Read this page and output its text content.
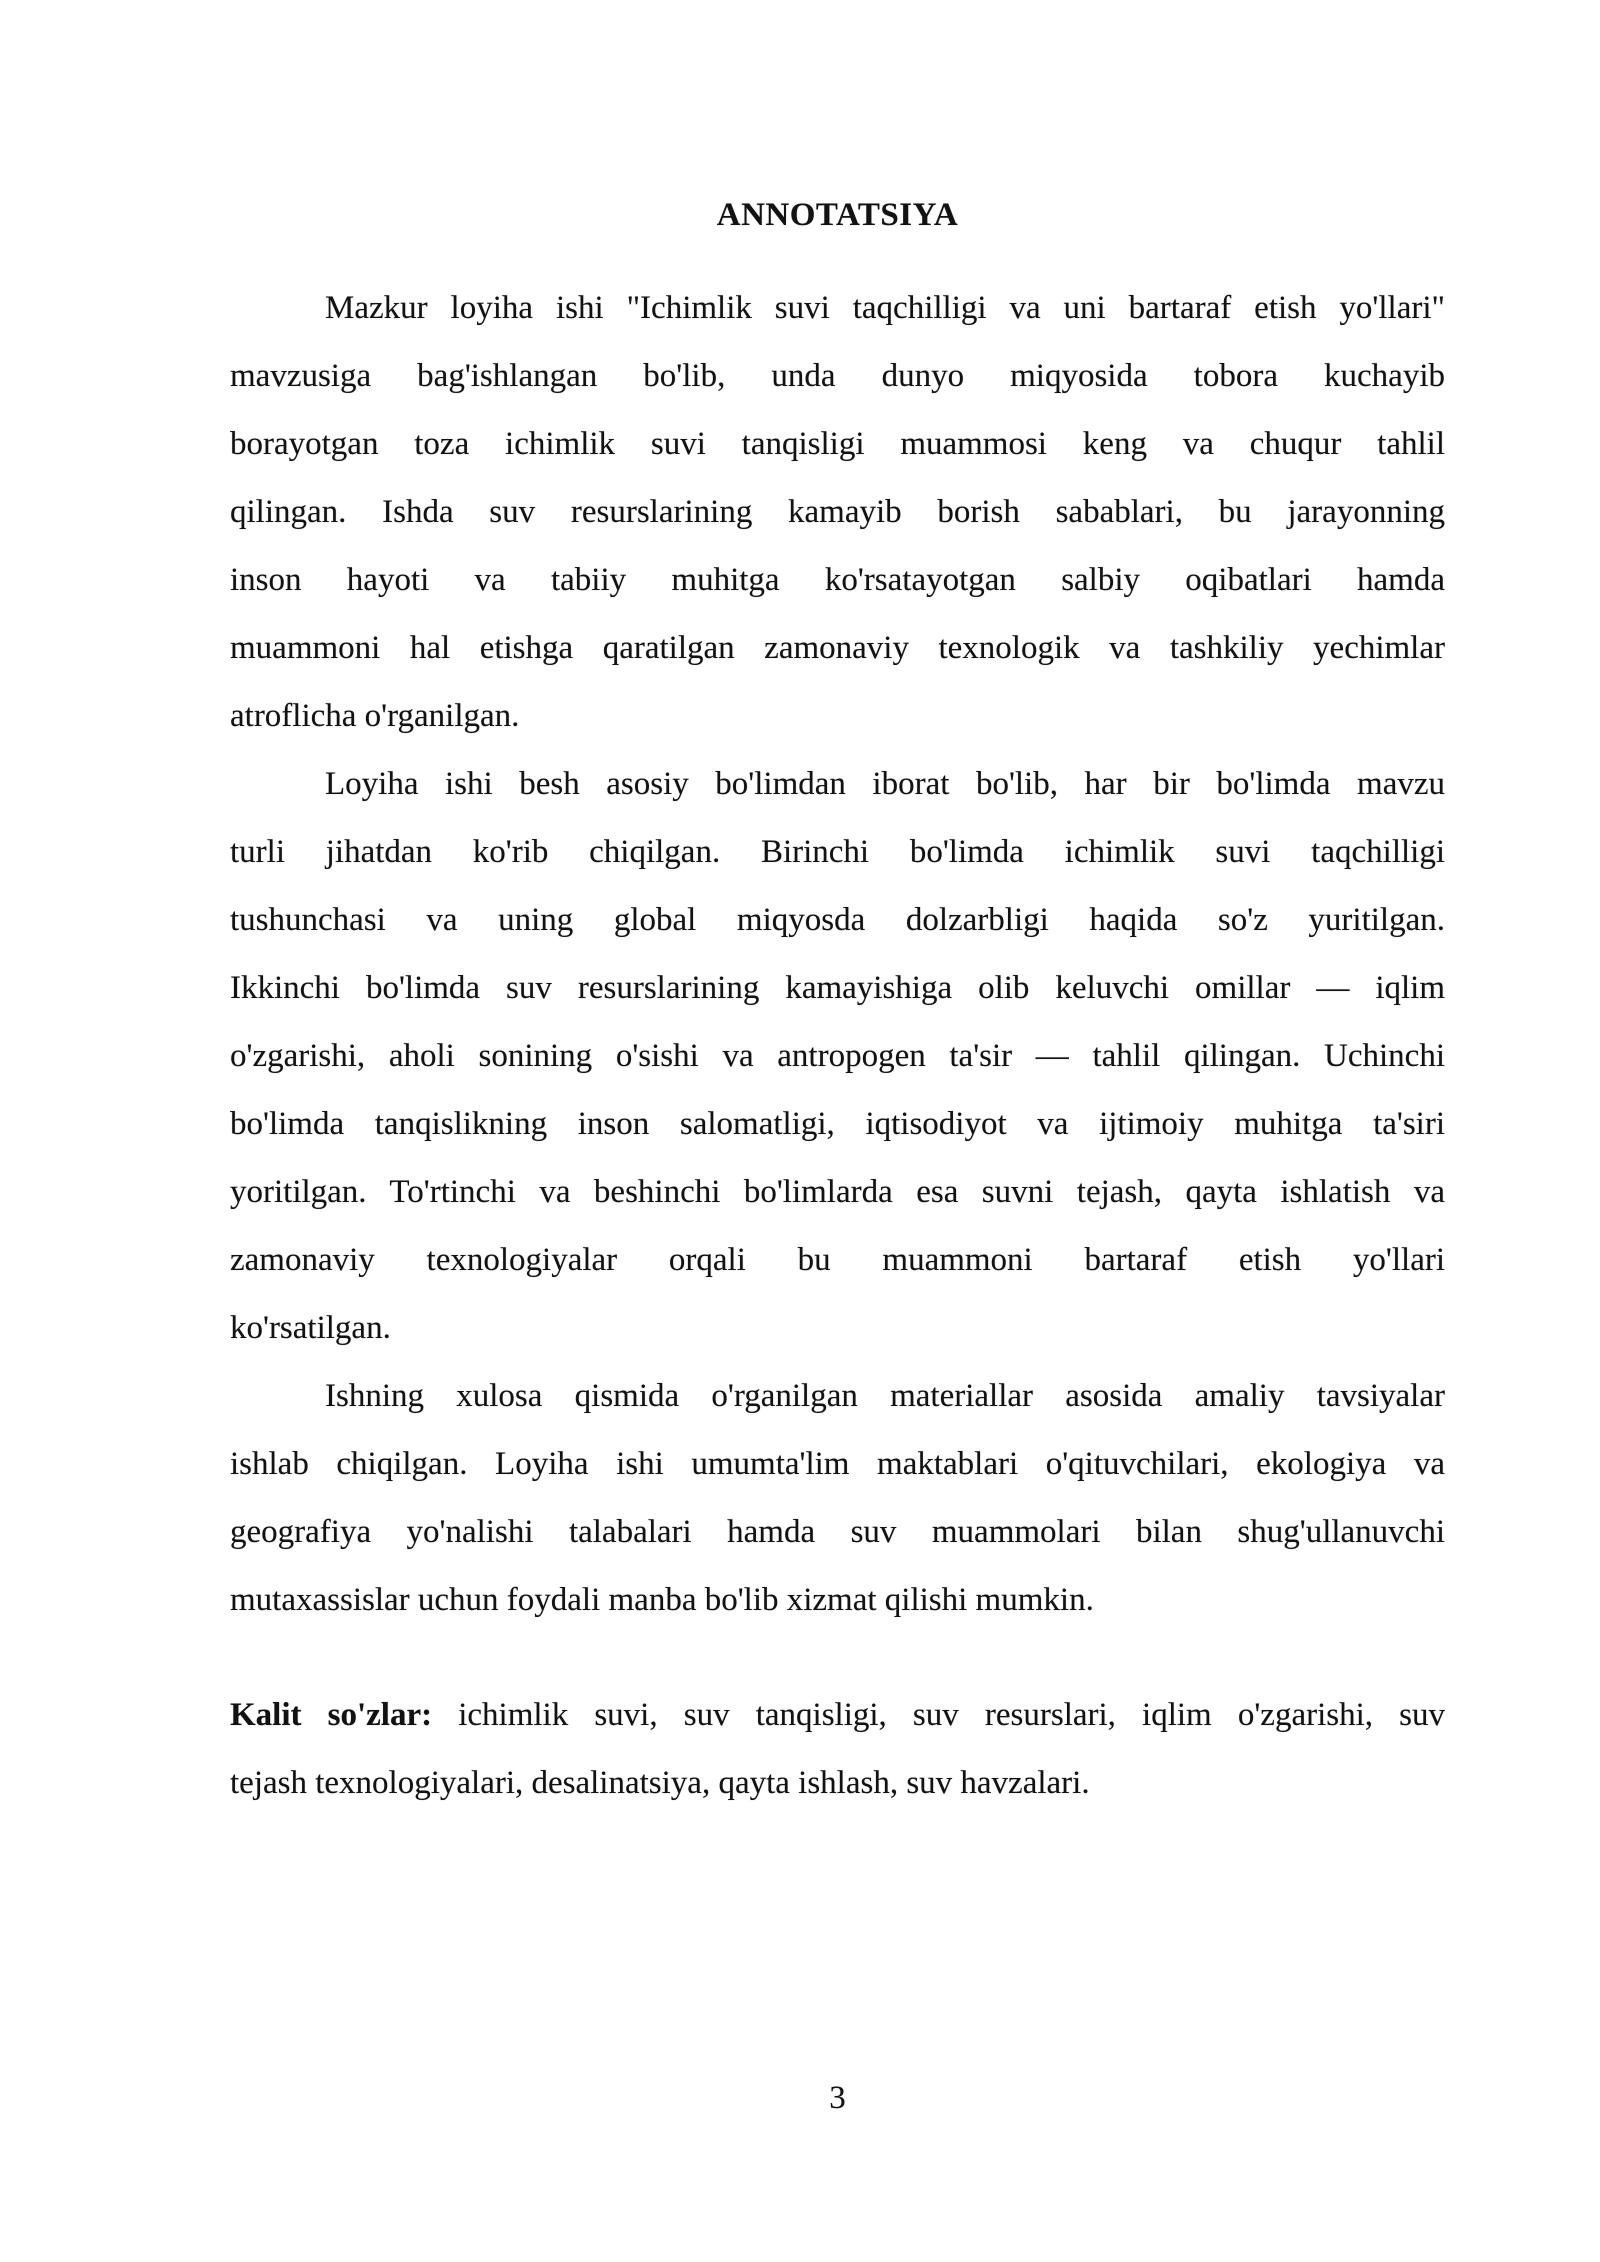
ANNOTATSIYA
Mazkur loyiha ishi "Ichimlik suvi taqchilligi va uni bartaraf etish yo'llari"
mavzusiga bag'ishlangan bo'lib, unda dunyo miqyosida tobora kuchayib
borayotgan toza ichimlik suvi tanqisligi muammosi keng va chuqur tahlil
qilingan. Ishda suv resurslarining kamayib borish sabablari, bu jarayonning
inson hayoti va tabiiy muhitga ko'rsatayotgan salbiy oqibatlari hamda
muammoni hal etishga qaratilgan zamonaviy texnologik va tashkiliy yechimlar
atroflicha o'rganilgan.
Loyiha ishi besh asosiy bo'limdan iborat bo'lib, har bir bo'limda mavzu
turli jihatdan ko'rib chiqilgan. Birinchi bo'limda ichimlik suvi taqchilligi
tushunchasi va uning global miqyosda dolzarbligi haqida so'z yuritilgan.
Ikkinchi bo'limda suv resurslarining kamayishiga olib keluvchi omillar — iqlim
o'zgarishi, aholi sonining o'sishi va antropogen ta'sir — tahlil qilingan. Uchinchi
bo'limda tanqislikning inson salomatligi, iqtisodiyot va ijtimoiy muhitga ta'siri
yoritilgan. To'rtinchi va beshinchi bo'limlarda esa suvni tejash, qayta ishlatish va
zamonaviy texnologiyalar orqali bu muammoni bartaraf etish yo'llari
ko'rsatilgan.
Ishning xulosa qismida o'rganilgan materiallar asosida amaliy tavsiyalar
ishlab chiqilgan. Loyiha ishi umumta'lim maktablari o'qituvchilari, ekologiya va
geografiya yo'nalishi talabalari hamda suv muammolari bilan shug'ullanuvchi
mutaxassislar uchun foydali manba bo'lib xizmat qilishi mumkin.
Kalit so'zlar: ichimlik suvi, suv tanqisligi, suv resurslari, iqlim o'zgarishi, suv
tejash texnologiyalari, desalinatsiya, qayta ishlash, suv havzalari.
3
